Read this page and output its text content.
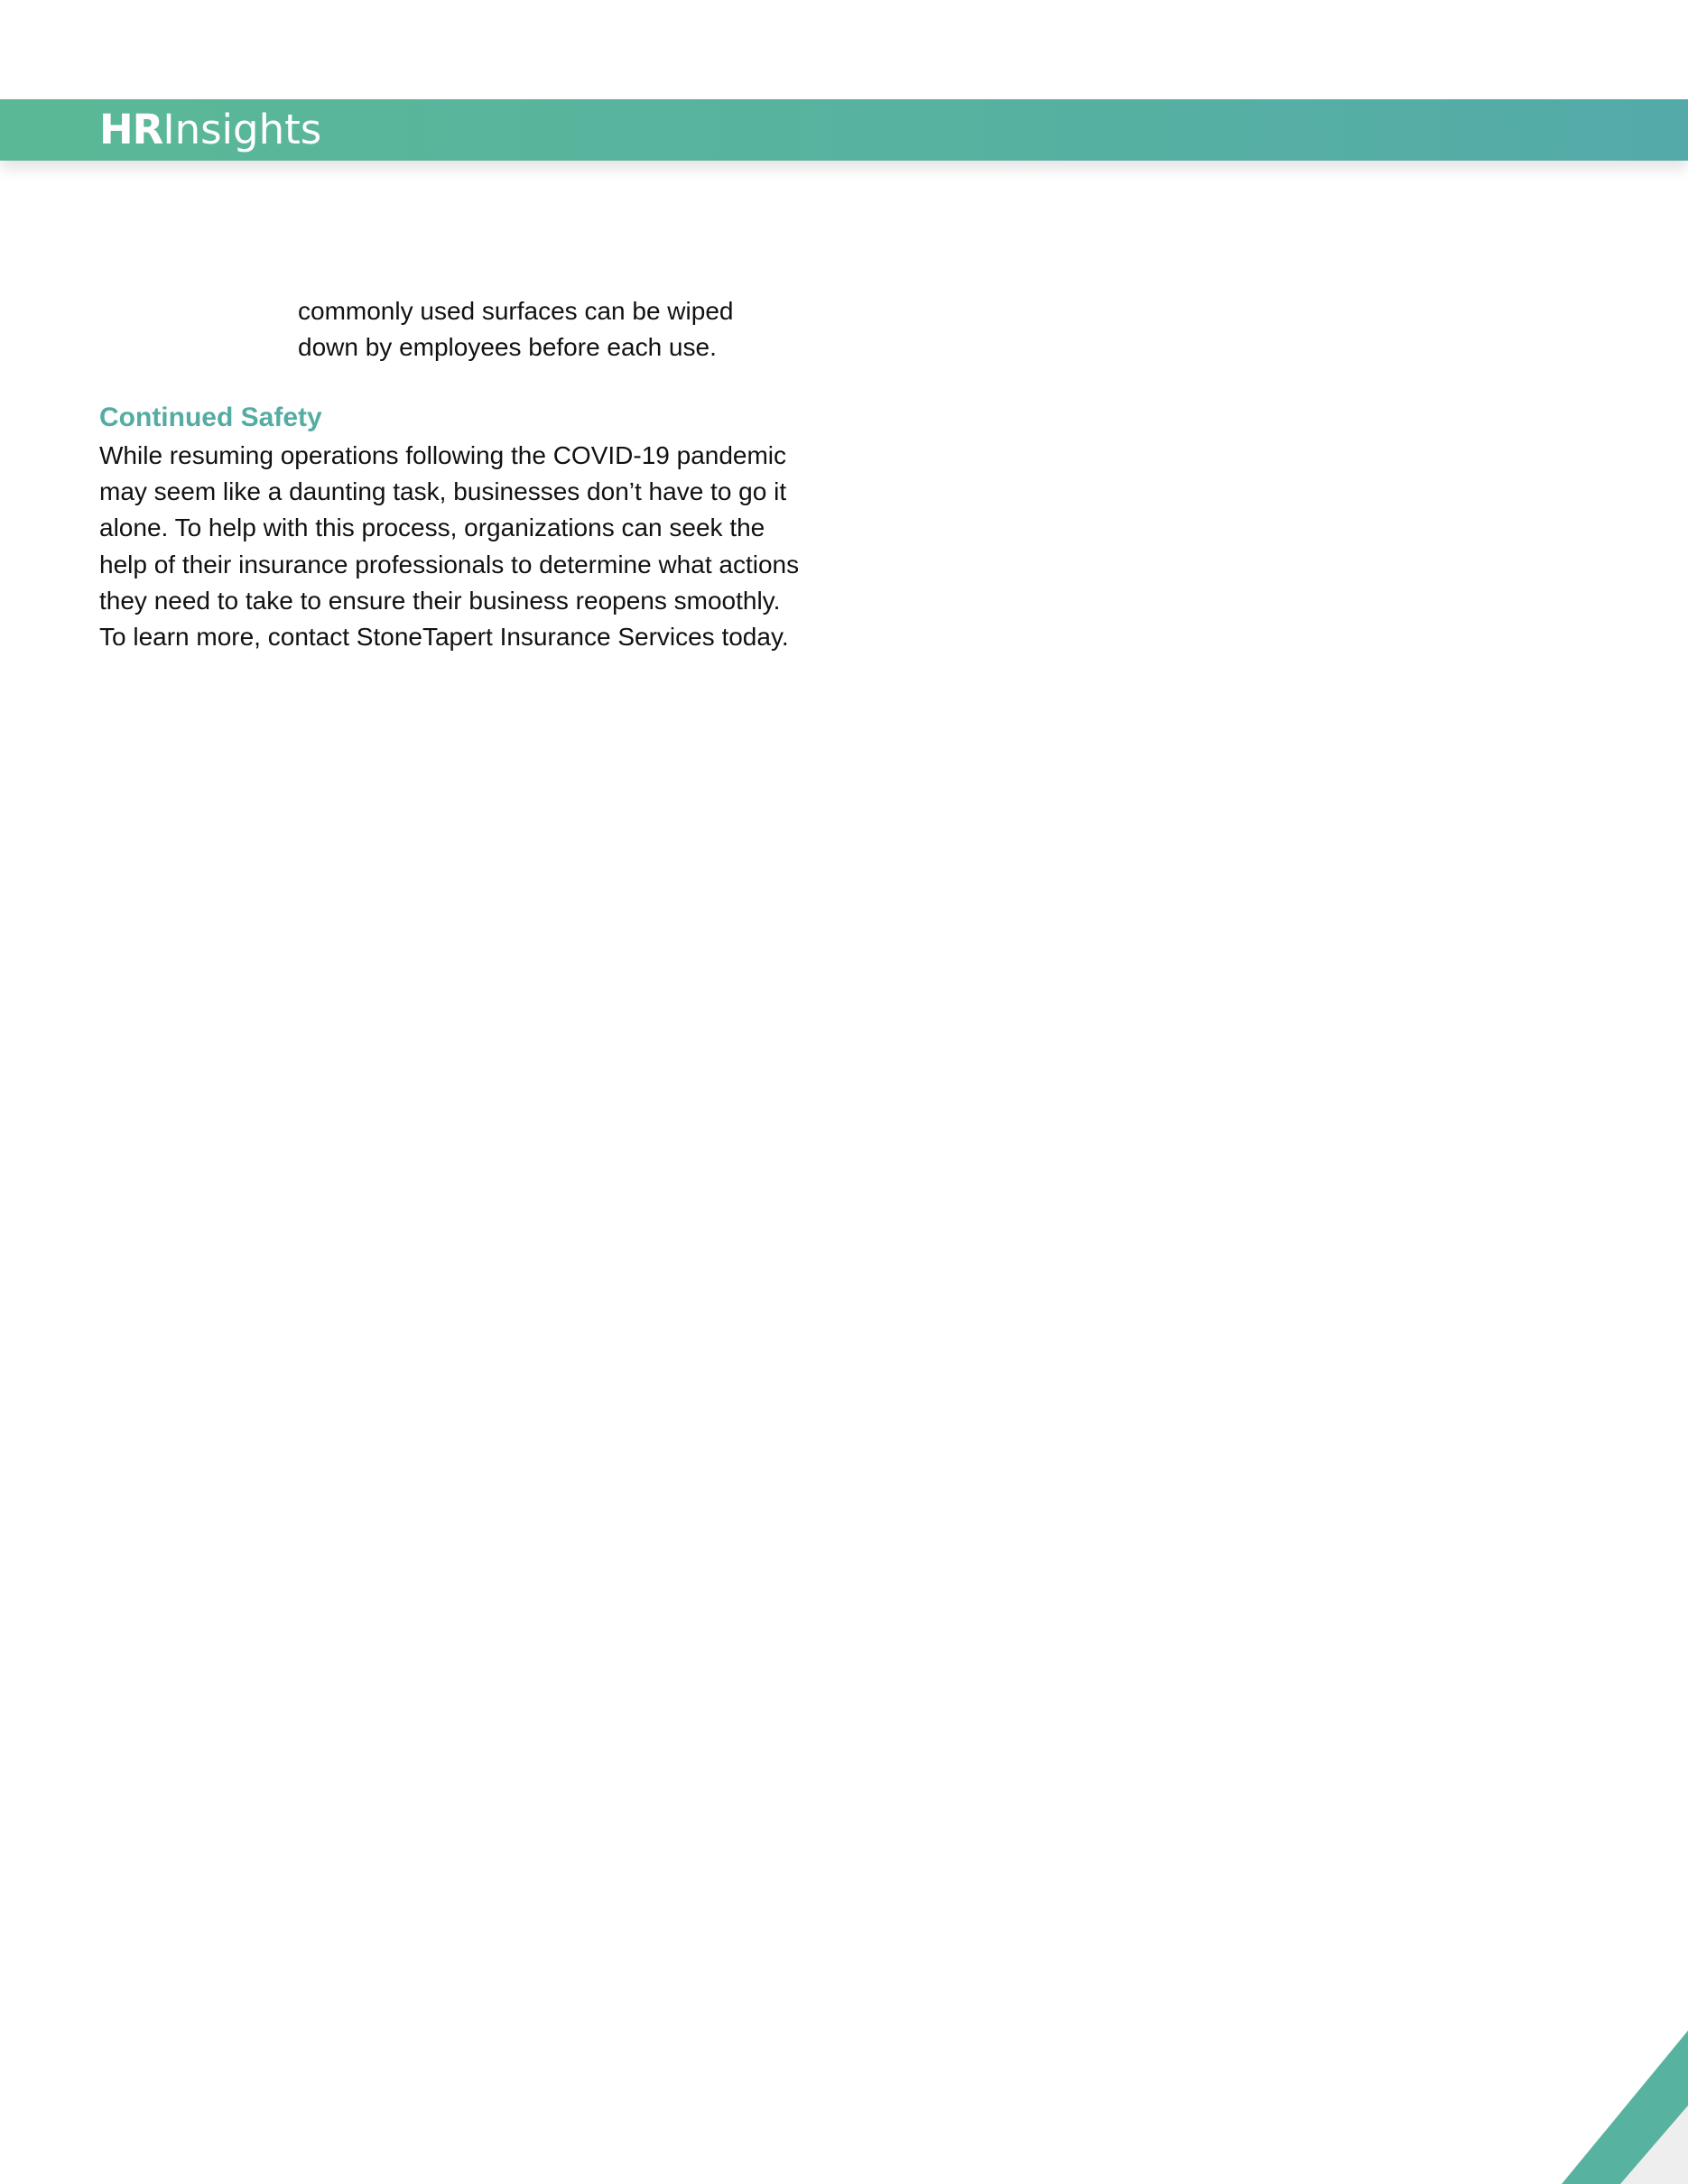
HRInsights

commonly used surfaces can be wiped down by employees before each use.

Continued Safety

While resuming operations following the COVID-19 pandemic may seem like a daunting task, businesses don’t have to go it alone. To help with this process, organizations can seek the help of their insurance professionals to determine what actions they need to take to ensure their business reopens smoothly. To learn more, contact StoneTapert Insurance Services today.
